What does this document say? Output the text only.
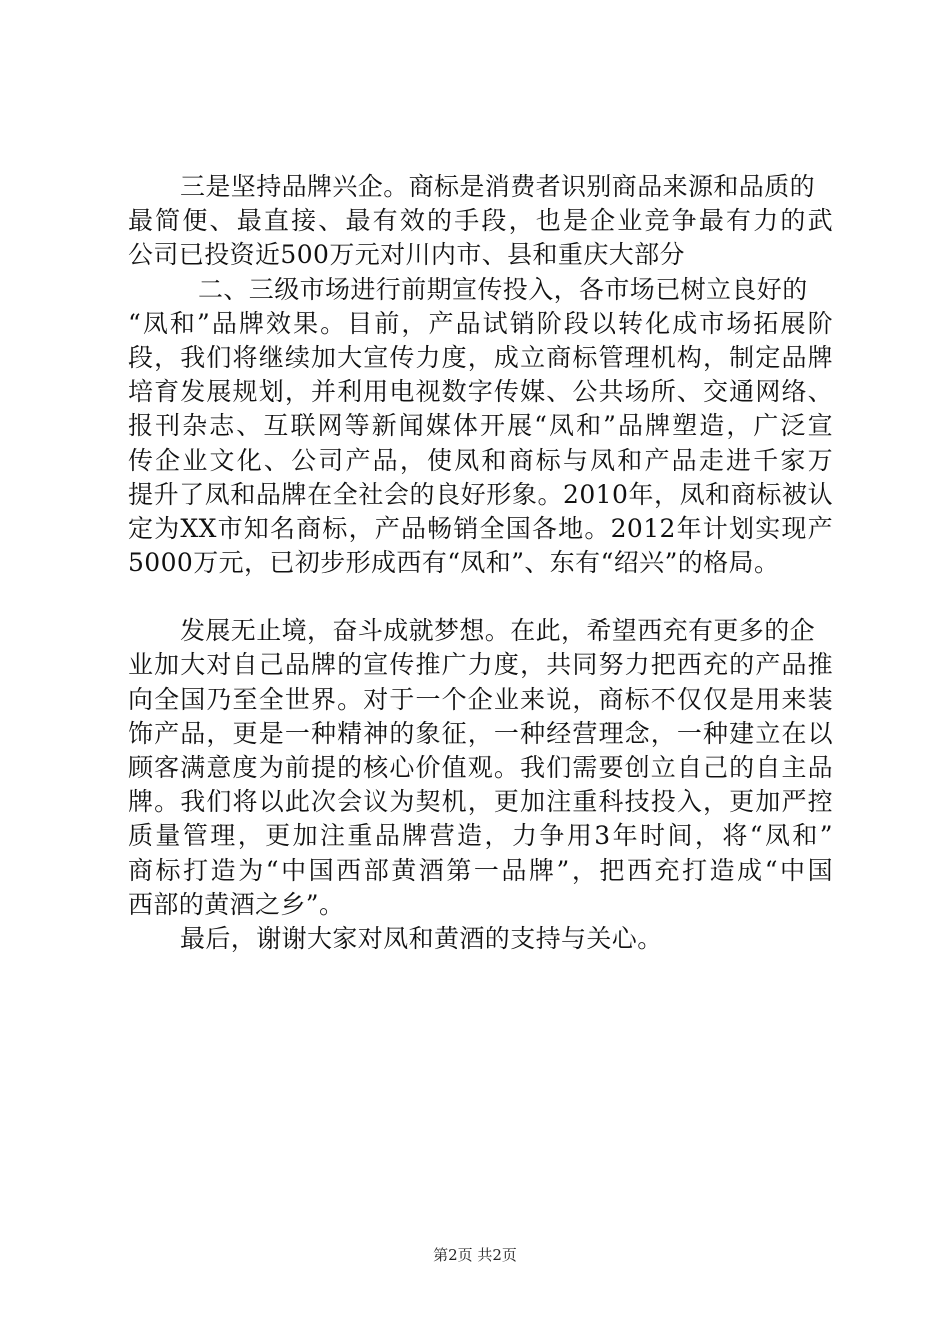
三是坚持品牌兴企。商标是消费者识别商品来源和品质的
最简便、最直接、最有效的手段，也是企业竞争最有力的武
公司已投资近500万元对川内市、县和重庆大部分
二、三级市场进行前期宣传投入，各市场已树立良好的
“凤和”品牌效果。目前，产品试销阶段以转化成市场拓展阶
段，我们将继续加大宣传力度，成立商标管理机构，制定品牌
培育发展规划，并利用电视数字传媒、公共场所、交通网络、
报刊杂志、互联网等新闻媒体开展“凤和”品牌塑造，广泛宣
传企业文化、公司产品，使凤和商标与凤和产品走进千家万
提升了凤和品牌在全社会的良好形象。2010年，凤和商标被认
定为XX市知名商标，产品畅销全国各地。2012年计划实现产
5000万元，已初步形成西有“凤和”、东有“绍兴”的格局。
发展无止境，奋斗成就梦想。在此，希望西充有更多的企
业加大对自己品牌的宣传推广力度，共同努力把西充的产品推
向全国乃至全世界。对于一个企业来说，商标不仅仅是用来装
饰产品，更是一种精神的象征，一种经营理念，一种建立在以
顾客满意度为前提的核心价值观。我们需要创立自己的自主品
牌。我们将以此次会议为契机，更加注重科技投入，更加严控
质量管理，更加注重品牌营造，力争用3年时间，将“凤和”
商标打造为“中国西部黄酒第一品牌”，把西充打造成“中国
西部的黄酒之乡”。
最后，谢谢大家对凤和黄酒的支持与关心。
第2页 共2页
